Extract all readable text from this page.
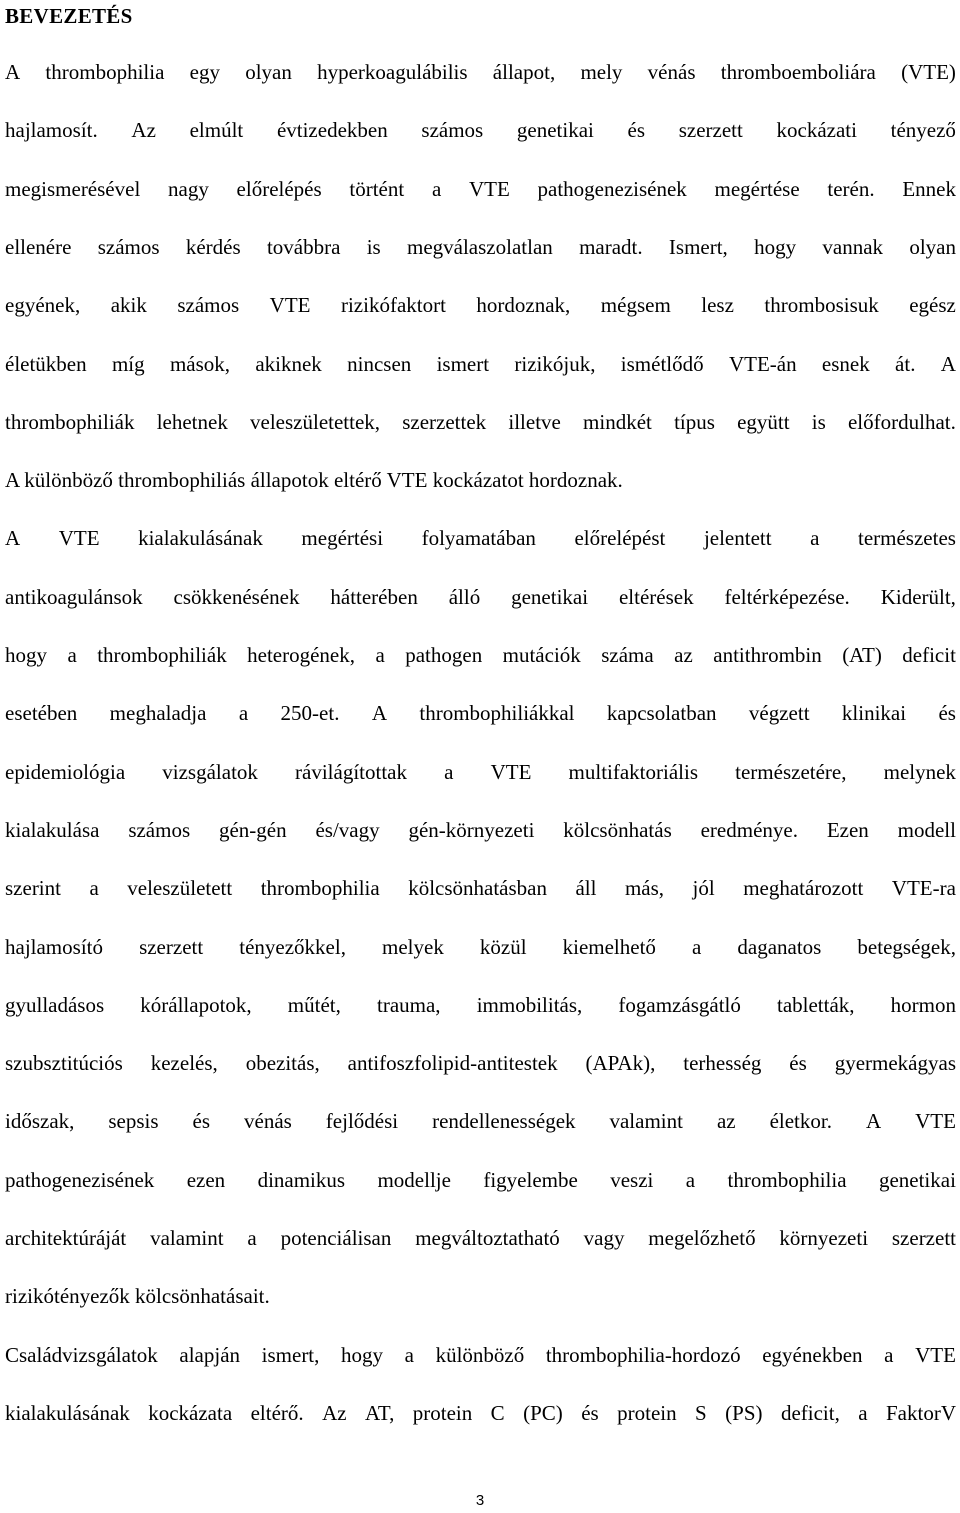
BEVEZETÉS
A thrombophilia egy olyan hyperkoagulábilis állapot, mely vénás thromboemboliára (VTE)
hajlamosít. Az elmúlt évtizedekben számos genetikai és szerzett kockázati tényező
megismerésével nagy előrelépés történt a VTE pathogenezisének megértése terén. Ennek
ellenére számos kérdés továbbra is megválaszolatlan maradt. Ismert, hogy vannak olyan
egyének, akik számos VTE rizikófaktort hordoznak, mégsem lesz thrombosisuk egész
életükben míg mások, akiknek nincsen ismert rizikójuk, ismétlődő VTE-án esnek át. A
thrombophiliák lehetnek veleszületettek, szerzettek illetve mindkét típus együtt is előfordulhat.
A különböző thrombophiliás állapotok eltérő VTE kockázatot hordoznak.
A VTE kialakulásának megértési folyamatában előrelépést jelentett a természetes
antikoagulánsok csökkenésének hátterében álló genetikai eltérések feltérképezése. Kiderült,
hogy a thrombophiliák heterogének, a pathogen mutációk száma az antithrombin (AT) deficit
esetében meghaladja a 250-et. A thrombophiliákkal kapcsolatban végzett klinikai és
epidemiológia vizsgálatok rávilágítottak a VTE multifaktoriális természetére, melynek
kialakulása számos gén-gén és/vagy gén-környezeti kölcsönhatás eredménye. Ezen modell
szerint a veleszületett thrombophilia kölcsönhatásban áll más, jól meghatározott VTE-ra
hajlamosító szerzett tényezőkkel, melyek közül kiemelhető a daganatos betegségek,
gyulladásos kórállapotok, műtét, trauma, immobilitás, fogamzásgátló tabletták, hormon
szubsztitúciós kezelés, obezitás, antifoszfolipid-antitestek (APAk), terhesség és gyermekágyas
időszak, sepsis és vénás fejlődési rendellenességek valamint az életkor. A VTE
pathogenezisének ezen dinamikus modellje figyelembe veszi a thrombophilia genetikai
architektúráját valamint a potenciálisan megváltoztatható vagy megelőzhető környezeti szerzett
rizikótényezők kölcsönhatásait.
Családvizsgálatok alapján ismert, hogy a különböző thrombophilia-hordozó egyénekben a VTE
kialakulásának kockázata eltérő. Az AT, protein C (PC) és protein S (PS) deficit, a FaktorV
3
